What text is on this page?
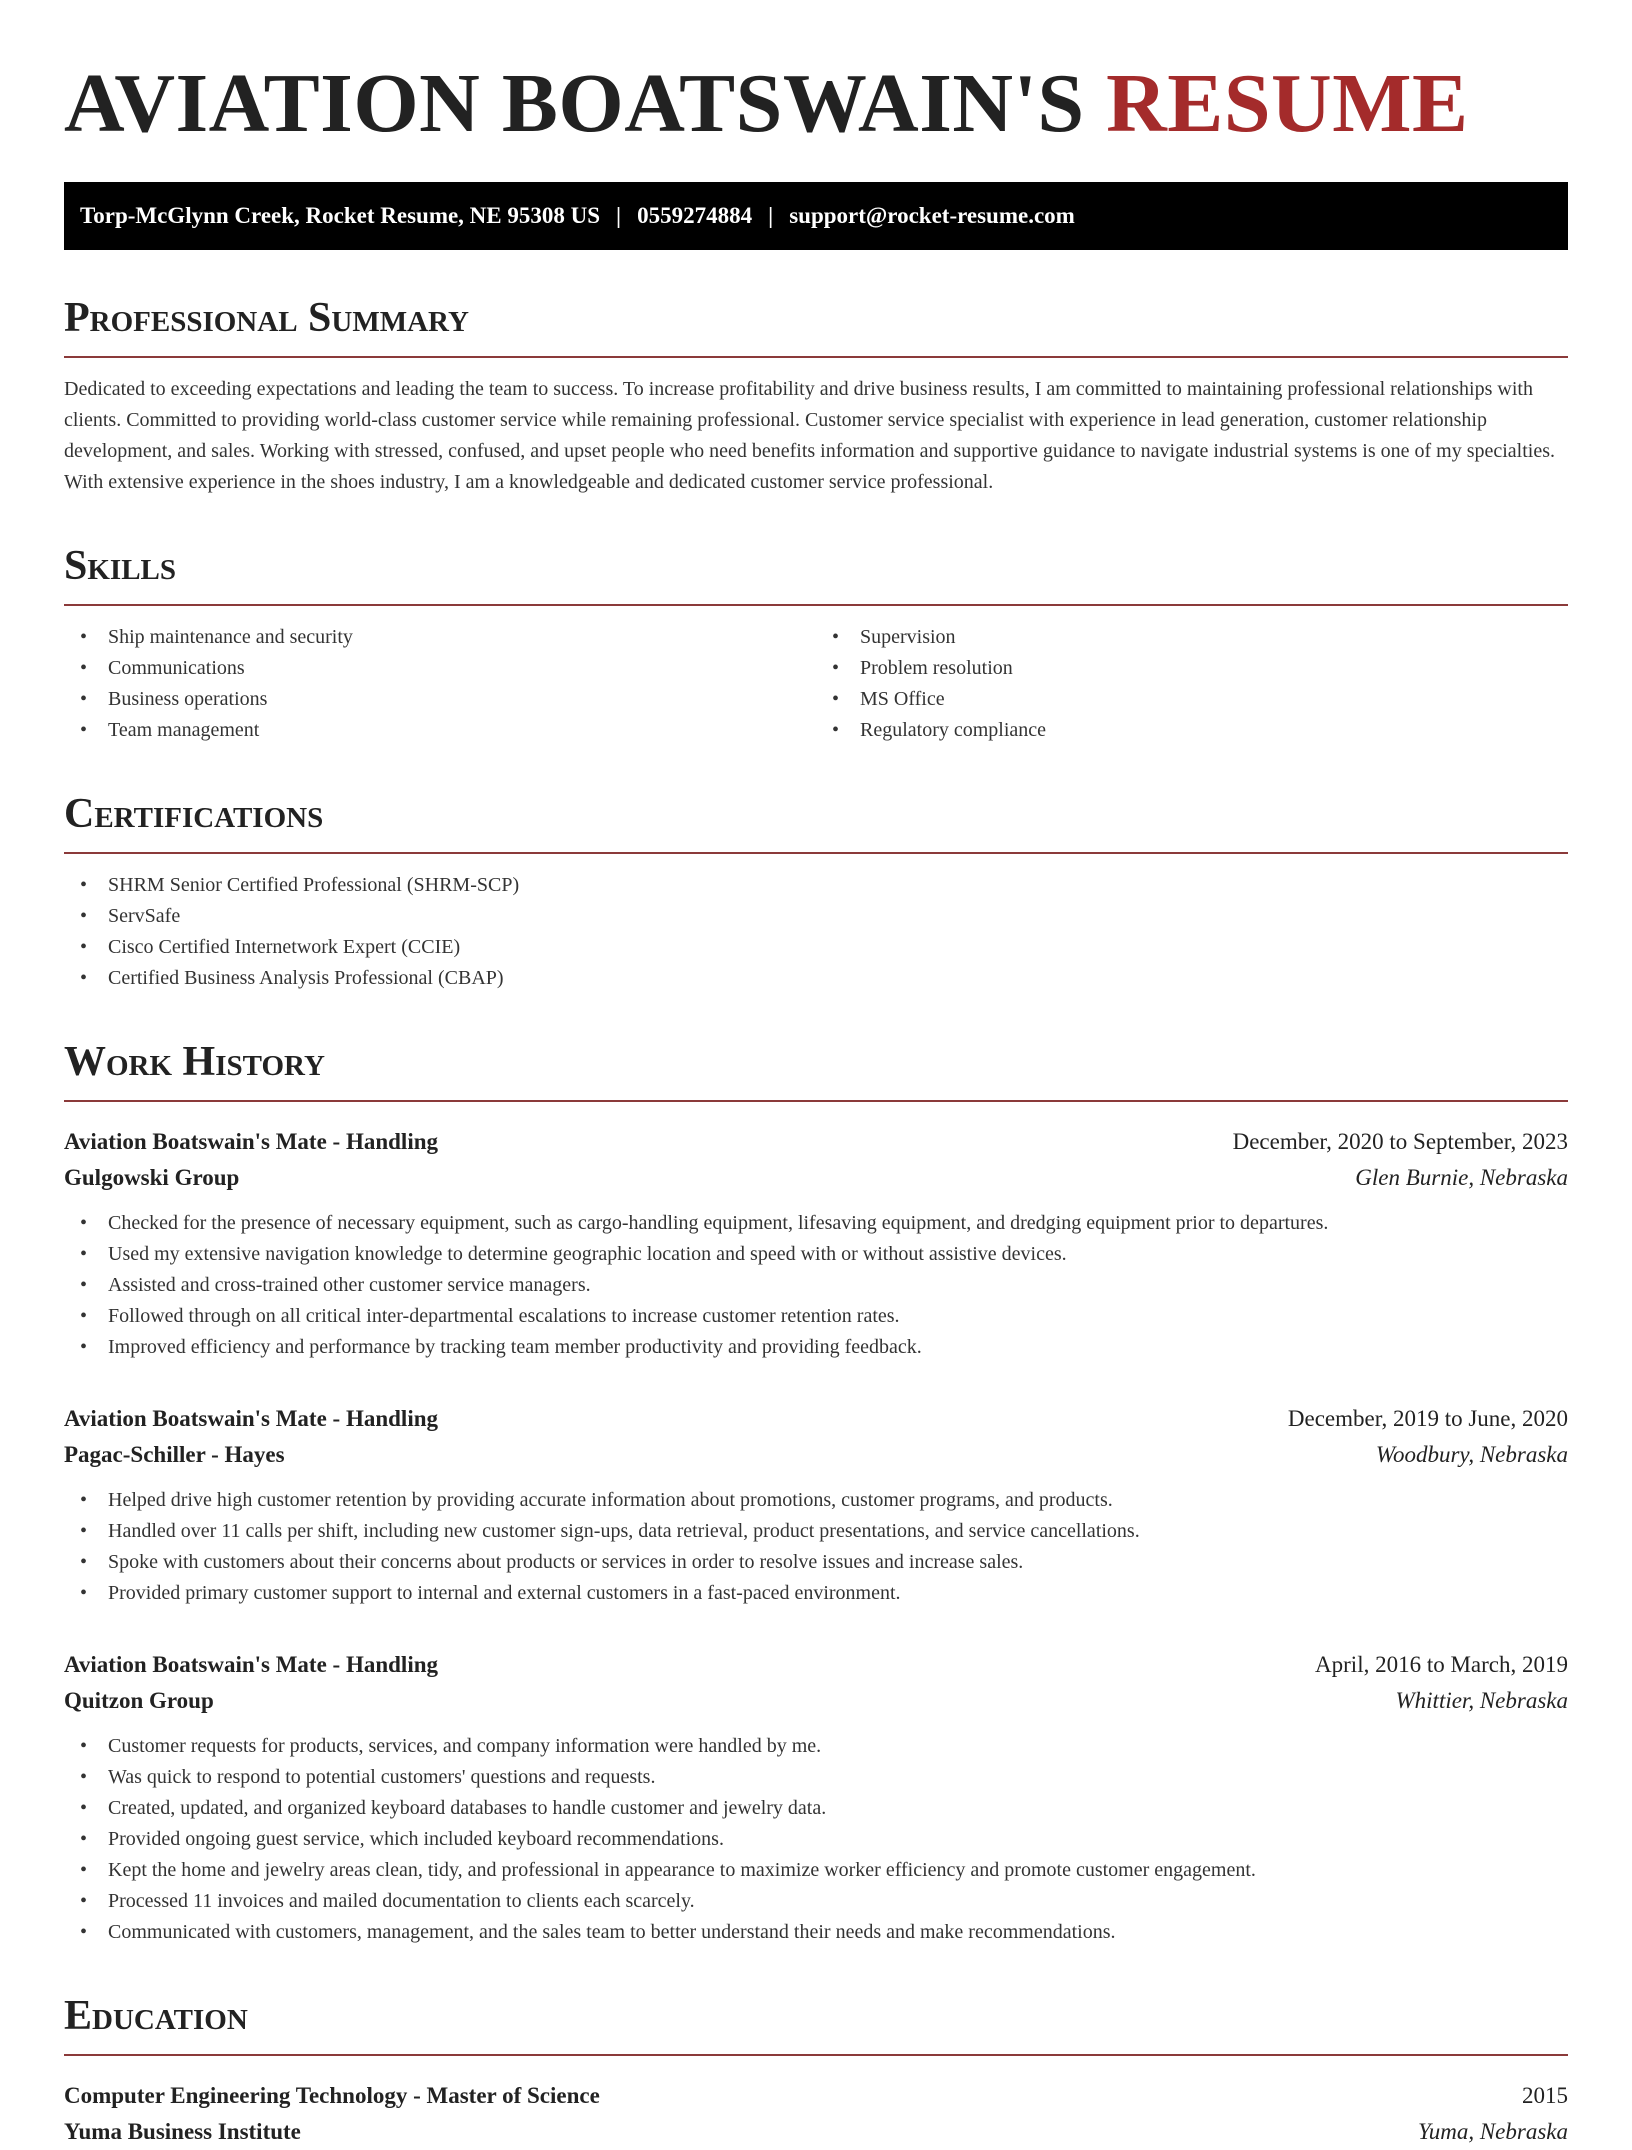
AVIATION BOATSWAIN'S RESUME
Torp-McGlynn Creek, Rocket Resume, NE 95308 US | 0559274884 | support@rocket-resume.com
Professional Summary

Dedicated to exceeding expectations and leading the team to success. To increase profitability and drive business results, I am committed to maintaining professional relationships with clients. Committed to providing world-class customer service while remaining professional. Customer service specialist with experience in lead generation, customer relationship development, and sales. Working with stressed, confused, and upset people who need benefits information and supportive guidance to navigate industrial systems is one of my specialties. With extensive experience in the shoes industry, I am a knowledgeable and dedicated customer service professional.

Skills
• Ship maintenance and security
• Communications
• Business operations
• Team management
• Supervision
• Problem resolution
• MS Office
• Regulatory compliance
Certifications
• SHRM Senior Certified Professional (SHRM-SCP)
• ServSafe
• Cisco Certified Internetwork Expert (CCIE)
• Certified Business Analysis Professional (CBAP)
Work History
Aviation Boatswain's Mate - Handling	December, 2020 to September, 2023
Gulgowski Group	Glen Burnie, Nebraska
• Checked for the presence of necessary equipment, such as cargo-handling equipment, lifesaving equipment, and dredging equipment prior to departures.
• Used my extensive navigation knowledge to determine geographic location and speed with or without assistive devices.
• Assisted and cross-trained other customer service managers.
• Followed through on all critical inter-departmental escalations to increase customer retention rates.
• Improved efficiency and performance by tracking team member productivity and providing feedback.
Aviation Boatswain's Mate - Handling	December, 2019 to June, 2020
Pagac-Schiller - Hayes	Woodbury, Nebraska
• Helped drive high customer retention by providing accurate information about promotions, customer programs, and products.
• Handled over 11 calls per shift, including new customer sign-ups, data retrieval, product presentations, and service cancellations.
• Spoke with customers about their concerns about products or services in order to resolve issues and increase sales.
• Provided primary customer support to internal and external customers in a fast-paced environment.
Aviation Boatswain's Mate - Handling	April, 2016 to March, 2019
Quitzon Group	Whittier, Nebraska
• Customer requests for products, services, and company information were handled by me.
• Was quick to respond to potential customers' questions and requests.
• Created, updated, and organized keyboard databases to handle customer and jewelry data.
• Provided ongoing guest service, which included keyboard recommendations.
• Kept the home and jewelry areas clean, tidy, and professional in appearance to maximize worker efficiency and promote customer engagement.
• Processed 11 invoices and mailed documentation to clients each scarcely.
• Communicated with customers, management, and the sales team to better understand their needs and make recommendations.
Education
Computer Engineering Technology - Master of Science	2015
Yuma Business Institute	Yuma, Nebraska
